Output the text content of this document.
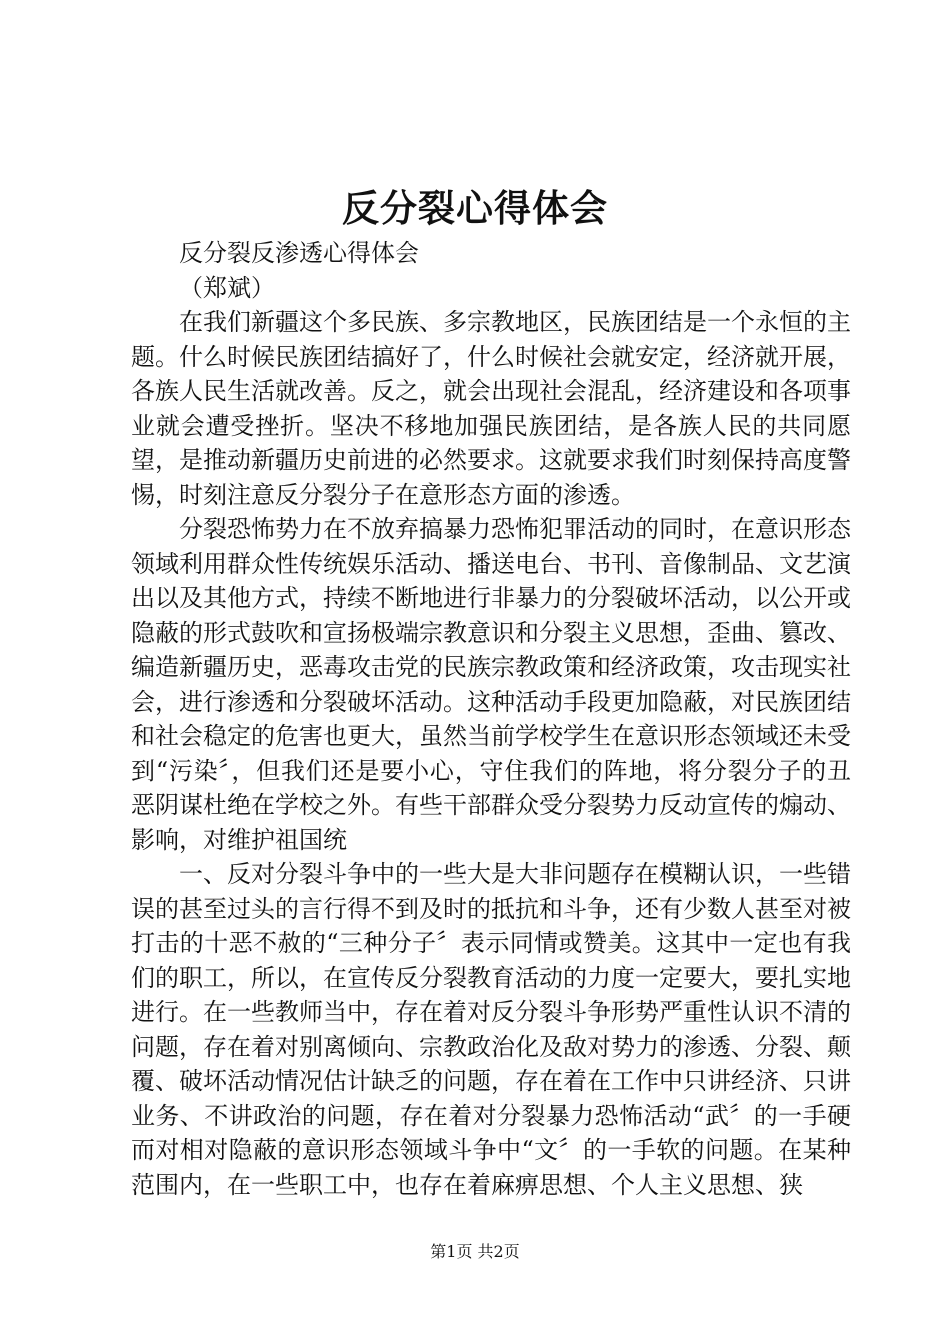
反分裂心得体会

反分裂反渗透心得体会

（郑斌）

在我们新疆这个多民族、多宗教地区，民族团结是一个永恒的主题。什么时候民族团结搞好了，什么时候社会就安定，经济就开展，各族人民生活就改善。反之，就会出现社会混乱，经济建设和各项事业就会遭受挫折。坚决不移地加强民族团结，是各族人民的共同愿望，是推动新疆历史前进的必然要求。这就要求我们时刻保持高度警惕，时刻注意反分裂分子在意形态方面的渗透。

分裂恐怖势力在不放弃搞暴力恐怖犯罪活动的同时，在意识形态领域利用群众性传统娱乐活动、播送电台、书刊、音像制品、文艺演出以及其他方式，持续不断地进行非暴力的分裂破坏活动，以公开或隐蔽的形式鼓吹和宣扬极端宗教意识和分裂主义思想，歪曲、篡改、编造新疆历史，恶毒攻击党的民族宗教政策和经济政策，攻击现实社会，进行渗透和分裂破坏活动。这种活动手段更加隐蔽，对民族团结和社会稳定的危害也更大，虽然当前学校学生在意识形态领域还未受到“污染〞，但我们还是要小心，守住我们的阵地，将分裂分子的丑恶阴谋杜绝在学校之外。有些干部群众受分裂势力反动宣传的煽动、影响，对维护祖国统

一、反对分裂斗争中的一些大是大非问题存在模糊认识，一些错误的甚至过头的言行得不到及时的抵抗和斗争，还有少数人甚至对被打击的十恶不赦的“三种分子〞表示同情或赞美。这其中一定也有我们的职工，所以，在宣传反分裂教育活动的力度一定要大，要扎实地进行。在一些教师当中，存在着对反分裂斗争形势严重性认识不清的问题，存在着对别离倾向、宗教政治化及敌对势力的渗透、分裂、颠覆、破坏活动情况估计缺乏的问题，存在着在工作中只讲经济、只讲业务、不讲政治的问题，存在着对分裂暴力恐怖活动“武〞的一手硬而对相对隐蔽的意识形态领域斗争中“文〞的一手软的问题。在某种范围内，在一些职工中，也存在着麻痹思想、个人主义思想、狭

第1页 共2页
